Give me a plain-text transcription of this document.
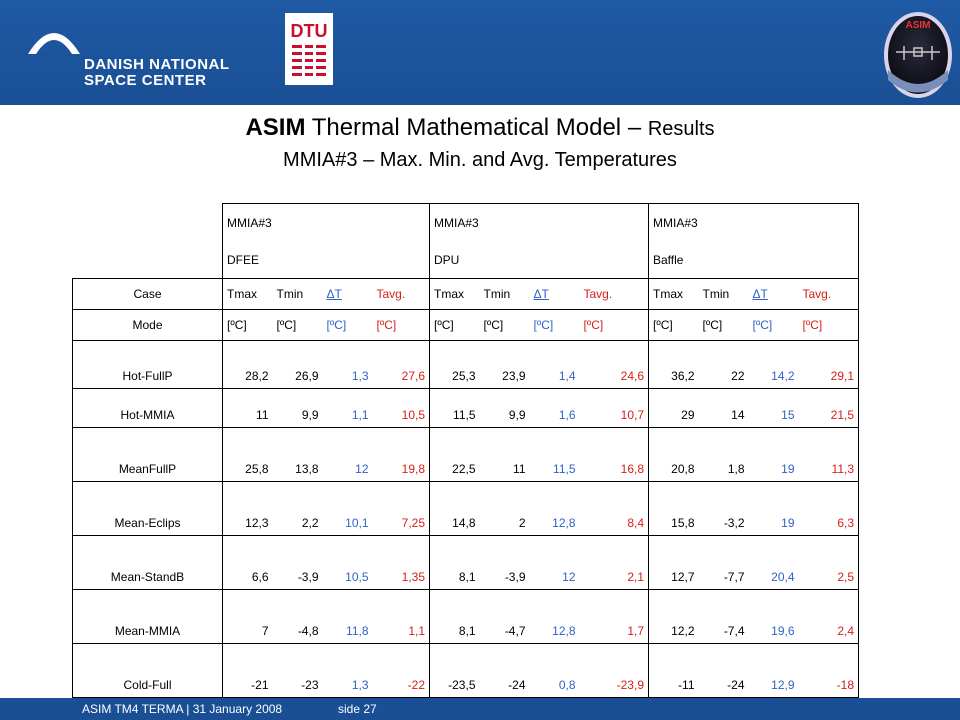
DANISH NATIONAL
SPACE CENTER
DTU	ASIM
ASIM Thermal Mathematical Model – Results
MMIA#3 – Max. Min. and Avg. Temperatures
	MMIA#3				MMIA#3				MMIA#3			
	DFEE				DPU				Baffle			
Case	Tmax	Tmin	ΔT	Tavg.	Tmax	Tmin	ΔT	Tavg.	Tmax	Tmin	ΔT	Tavg.
Mode	[ºC]	[ºC]	[ºC]	[ºC]	[ºC]	[ºC]	[ºC]	[ºC]	[ºC]	[ºC]	[ºC]	[ºC]
Hot-FullP	28,2	26,9	1,3	27,6	25,3	23,9	1,4	24,6	36,2	22	14,2	29,1
Hot-MMIA	11	9,9	1,1	10,5	11,5	9,9	1,6	10,7	29	14	15	21,5
MeanFullP	25,8	13,8	12	19,8	22,5	11	11,5	16,8	20,8	1,8	19	11,3
Mean-Eclips	12,3	2,2	10,1	7,25	14,8	2	12,8	8,4	15,8	-3,2	19	6,3
Mean-StandB	6,6	-3,9	10,5	1,35	8,1	-3,9	12	2,1	12,7	-7,7	20,4	2,5
Mean-MMIA	7	-4,8	11,8	1,1	8,1	-4,7	12,8	1,7	12,2	-7,4	19,6	2,4
Cold-Full	-21	-23	1,3	-22	-23,5	-24	0,8	-23,9	-11	-24	12,9	-18
ASIM TM4 TERMA | 31 January 2008	side 27
